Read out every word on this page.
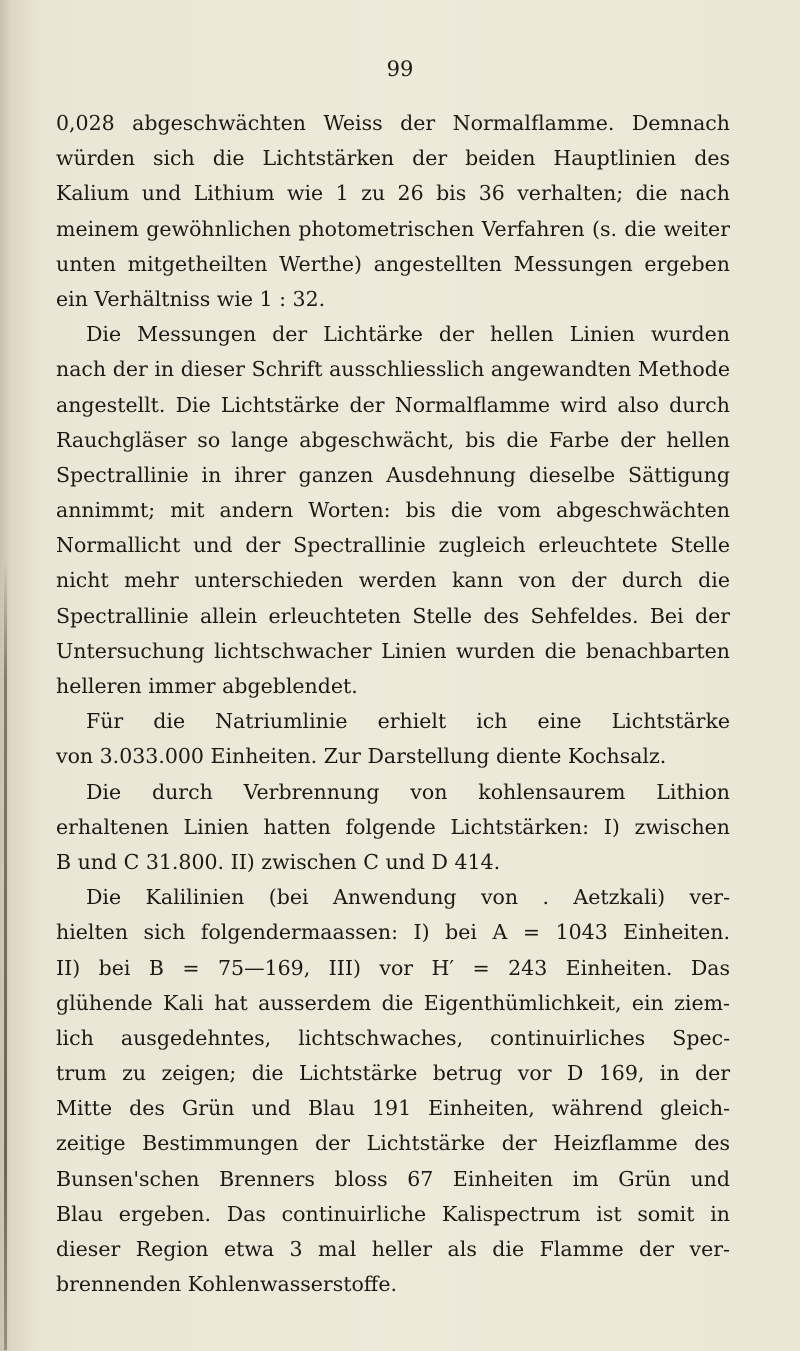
99
0,028 abgeschwächten Weiss der Normalflamme. Demnach
würden sich die Lichtstärken der beiden Hauptlinien des
Kalium und Lithium wie 1 zu 26 bis 36 verhalten; die nach
meinem gewöhnlichen photometrischen Verfahren (s. die weiter
unten mitgetheilten Werthe) angestellten Messungen ergeben
ein Verhältniss wie 1 : 32.
Die Messungen der Lichtärke der hellen Linien wurden
nach der in dieser Schrift ausschliesslich angewandten Methode
angestellt. Die Lichtstärke der Normalflamme wird also durch
Rauchgläser so lange abgeschwächt, bis die Farbe der hellen
Spectrallinie in ihrer ganzen Ausdehnung dieselbe Sättigung
annimmt; mit andern Worten: bis die vom abgeschwächten
Normallicht und der Spectrallinie zugleich erleuchtete Stelle
nicht mehr unterschieden werden kann von der durch die
Spectrallinie allein erleuchteten Stelle des Sehfeldes. Bei der
Untersuchung lichtschwacher Linien wurden die benachbarten
helleren immer abgeblendet.
Für die Natriumlinie erhielt ich eine Lichtstärke
von 3.033.000 Einheiten. Zur Darstellung diente Kochsalz.
Die durch Verbrennung von kohlensaurem Lithion
erhaltenen Linien hatten folgende Lichtstärken: I) zwischen
B und C 31.800. II) zwischen C und D 414.
Die Kalilinien (bei Anwendung von . Aetzkali) ver-
hielten sich folgendermaassen: I) bei A = 1043 Einheiten.
II) bei B = 75—169, III) vor H′ = 243 Einheiten. Das
glühende Kali hat ausserdem die Eigenthümlichkeit, ein ziem-
lich ausgedehntes, lichtschwaches, continuirliches Spec-
trum zu zeigen; die Lichtstärke betrug vor D 169, in der
Mitte des Grün und Blau 191 Einheiten, während gleich-
zeitige Bestimmungen der Lichtstärke der Heizflamme des
Bunsen'schen Brenners bloss 67 Einheiten im Grün und
Blau ergeben. Das continuirliche Kalispectrum ist somit in
dieser Region etwa 3 mal heller als die Flamme der ver-
brennenden Kohlenwasserstoffe.
